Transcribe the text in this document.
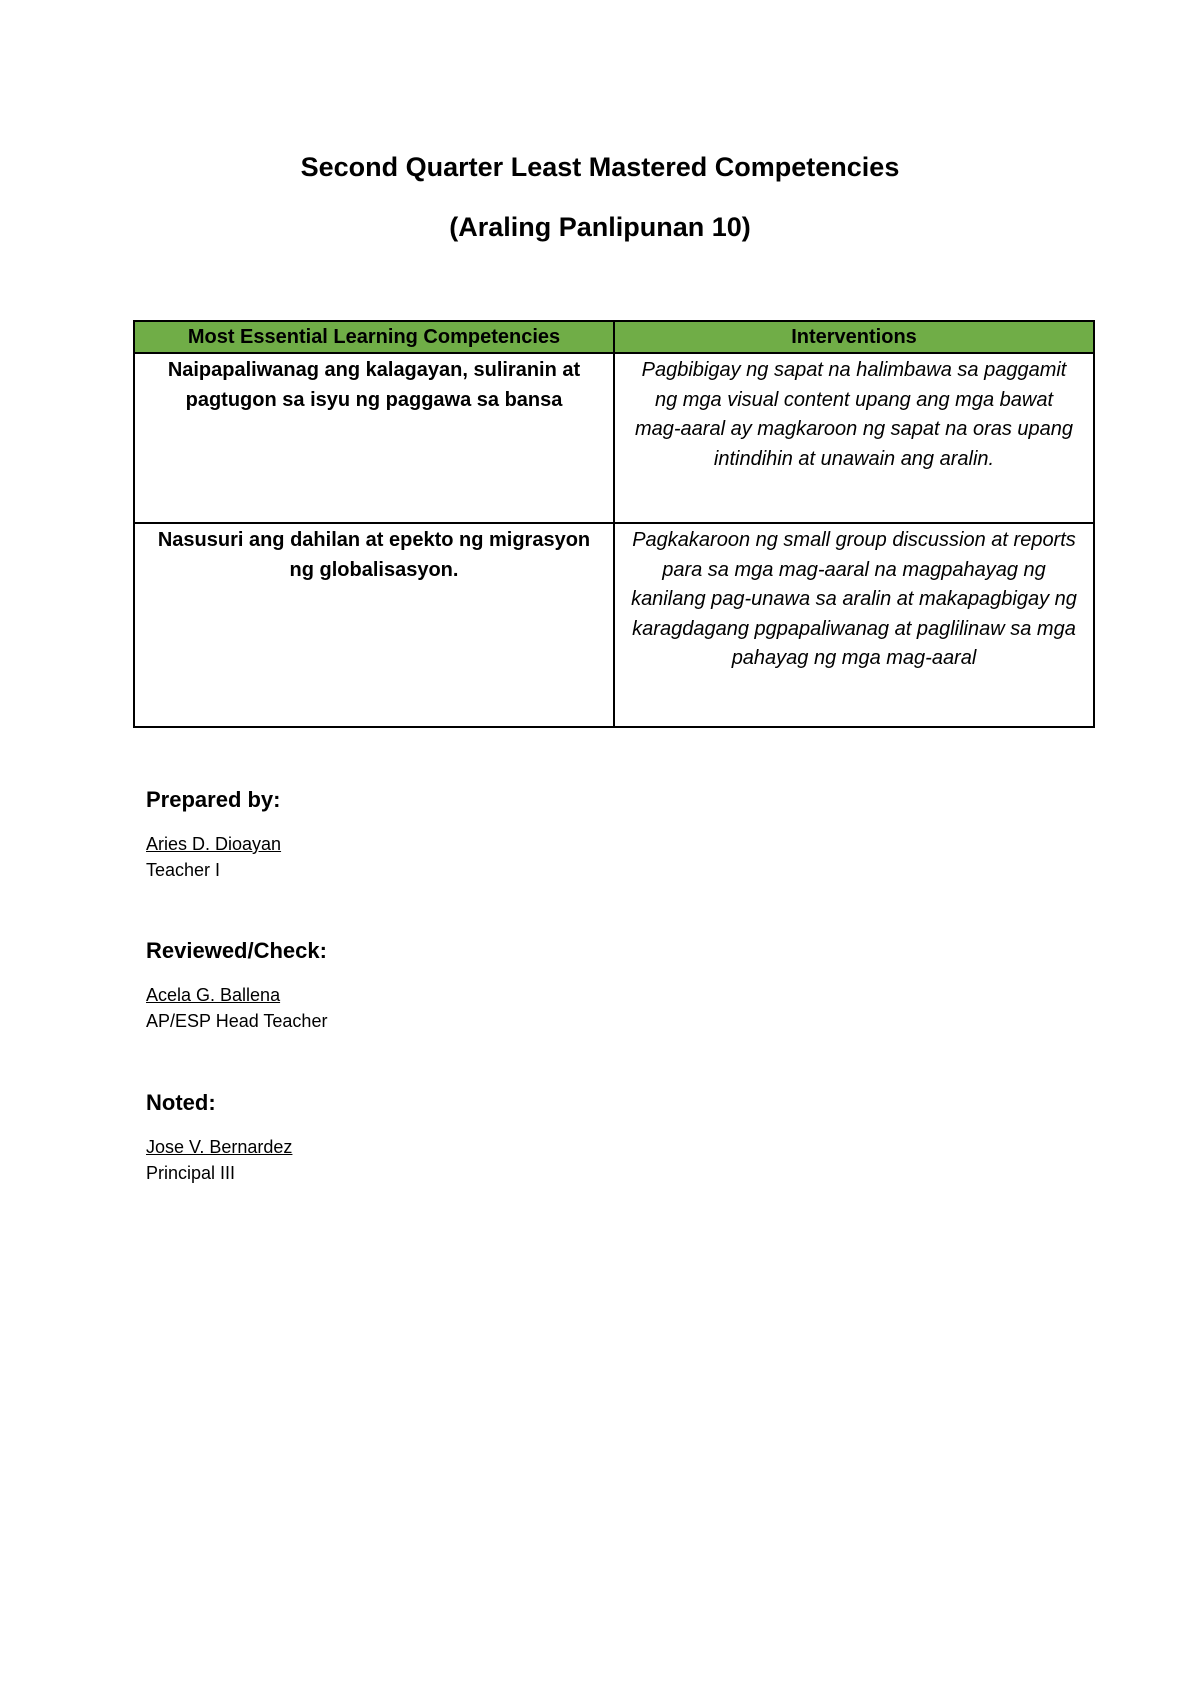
Second Quarter Least Mastered Competencies
(Araling Panlipunan 10)
Most Essential Learning Competencies	Interventions
Naipapaliwanag ang kalagayan, suliranin at pagtugon sa isyu ng paggawa sa bansa	Pagbibigay ng sapat na halimbawa sa paggamit ng mga visual content upang ang mga bawat mag-aaral ay magkaroon ng sapat na oras upang intindihin at unawain ang aralin.
Nasusuri ang dahilan at epekto ng migrasyon ng globalisasyon.	Pagkakaroon ng small group discussion at reports para sa mga mag-aaral na magpahayag ng kanilang pag-unawa sa aralin at makapagbigay ng karagdagang pgpapaliwanag at paglilinaw sa mga pahayag ng mga mag-aaral
Prepared by:
Aries D. Dioayan
Teacher I
Reviewed/Check:
Acela G. Ballena
AP/ESP Head Teacher
Noted:
Jose V. Bernardez
Principal III
